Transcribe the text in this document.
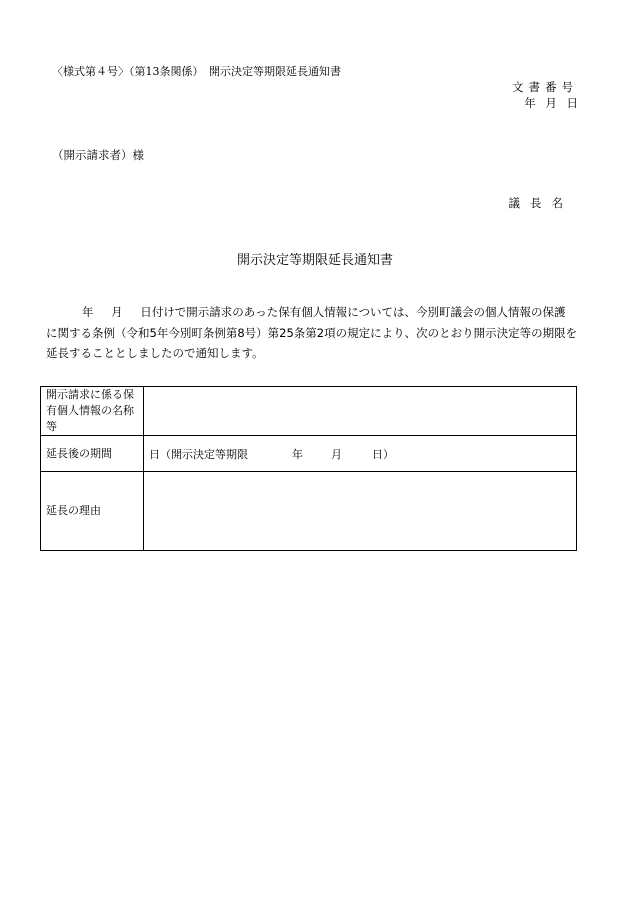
〈様式第４号〉（第13条関係）　開示決定等期限延長通知書
文書番号
年 月 日
（開示請求者）様
議長名
開示決定等期限延長通知書
年 月 日付けで開示請求のあった保有個人情報については、今別町議会の個人情報の保護
に関する条例（令和5年今別町条例第8号）第25条第2項の規定により、次のとおり開示決定等の期限を
延長することとしましたので通知します。
開示請求に係る保有個人情報の名称等	
延長後の期間	日（開示決定等期限 年 月 日）
延長の理由	
